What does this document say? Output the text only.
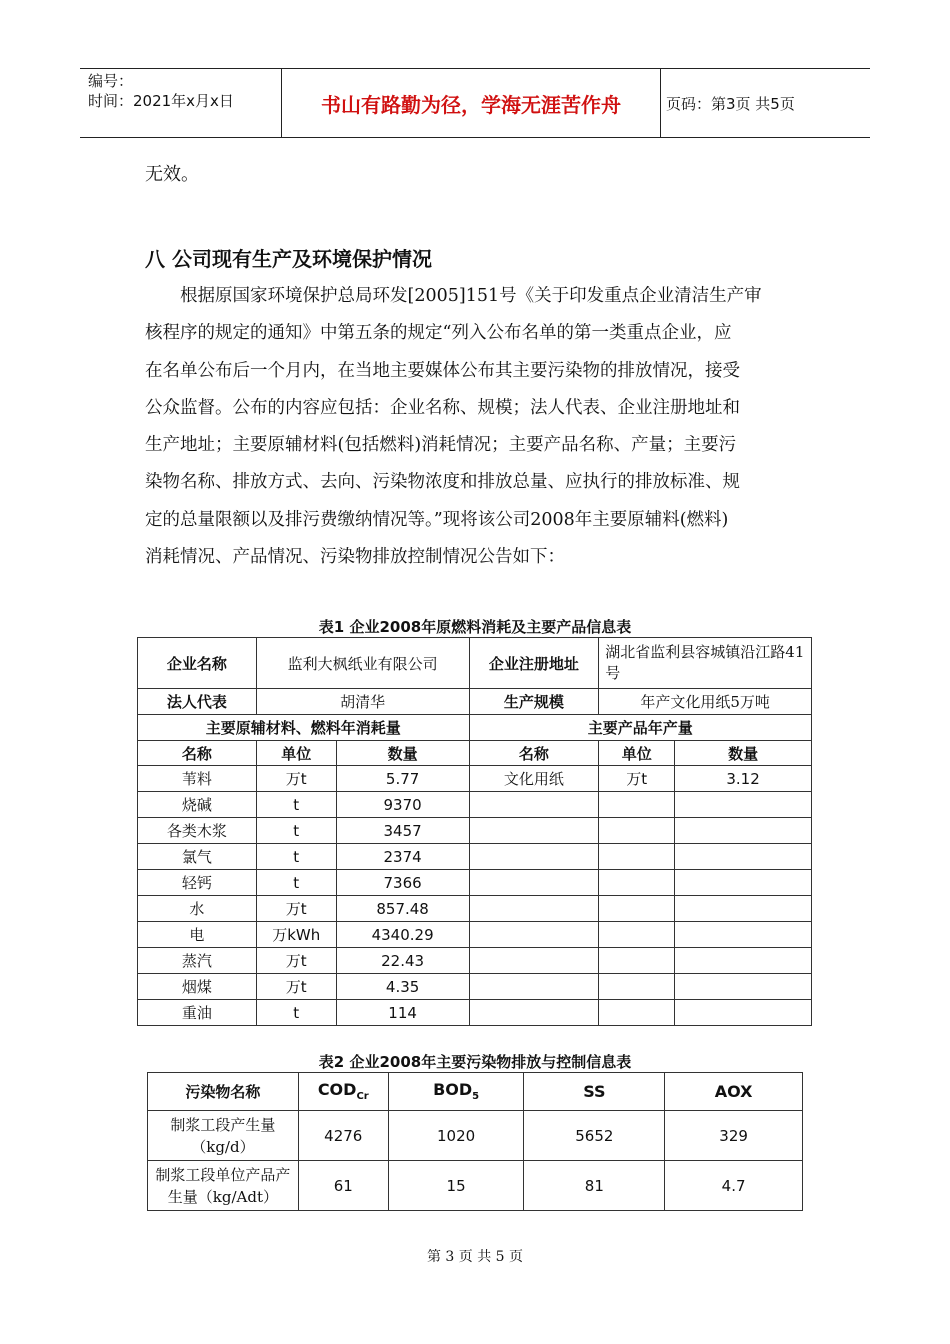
编号：
时间：2021年x月x日	书山有路勤为径，学海无涯苦作舟	页码：第3页 共5页
无效。
八 公司现有生产及环境保护情况

　　根据原国家环境保护总局环发[2005]151号《关于印发重点企业清洁生产审

核程序的规定的通知》中第五条的规定“列入公布名单的第一类重点企业，应

在名单公布后一个月内，在当地主要媒体公布其主要污染物的排放情况，接受

公众监督。公布的内容应包括：企业名称、规模；法人代表、企业注册地址和

生产地址；主要原辅材料(包括燃料)消耗情况；主要产品名称、产量；主要污

染物名称、排放方式、去向、污染物浓度和排放总量、应执行的排放标准、规

定的总量限额以及排污费缴纳情况等。”现将该公司2008年主要原辅料(燃料)

消耗情况、产品情况、污染物排放控制情况公告如下：

表1 企业2008年原燃料消耗及主要产品信息表
企业名称	监利大枫纸业有限公司		企业注册地址	湖北省监利县容城镇沿江路41号	
法人代表	胡清华		生产规模	年产文化用纸5万吨	
主要原辅材料、燃料年消耗量			主要产品年产量		
名称	单位	数量	名称	单位	数量
苇料	万t	5.77	文化用纸	万t	3.12
烧碱	t	9370			
各类木浆	t	3457			
氯气	t	2374			
轻钙	t	7366			
水	万t	857.48			
电	万kWh	4340.29			
蒸汽	万t	22.43			
烟煤	万t	4.35			
重油	t	114			
表2 企业2008年主要污染物排放与控制信息表
污染物名称	$COD_{Cr}$	$BOD_5$	SS	AOX
制浆工段产生量（kg/d）	4276	1020	5652	329
制浆工段单位产品产生量（kg/Adt）	61	15	81	4.7
第 3 页 共 5 页
